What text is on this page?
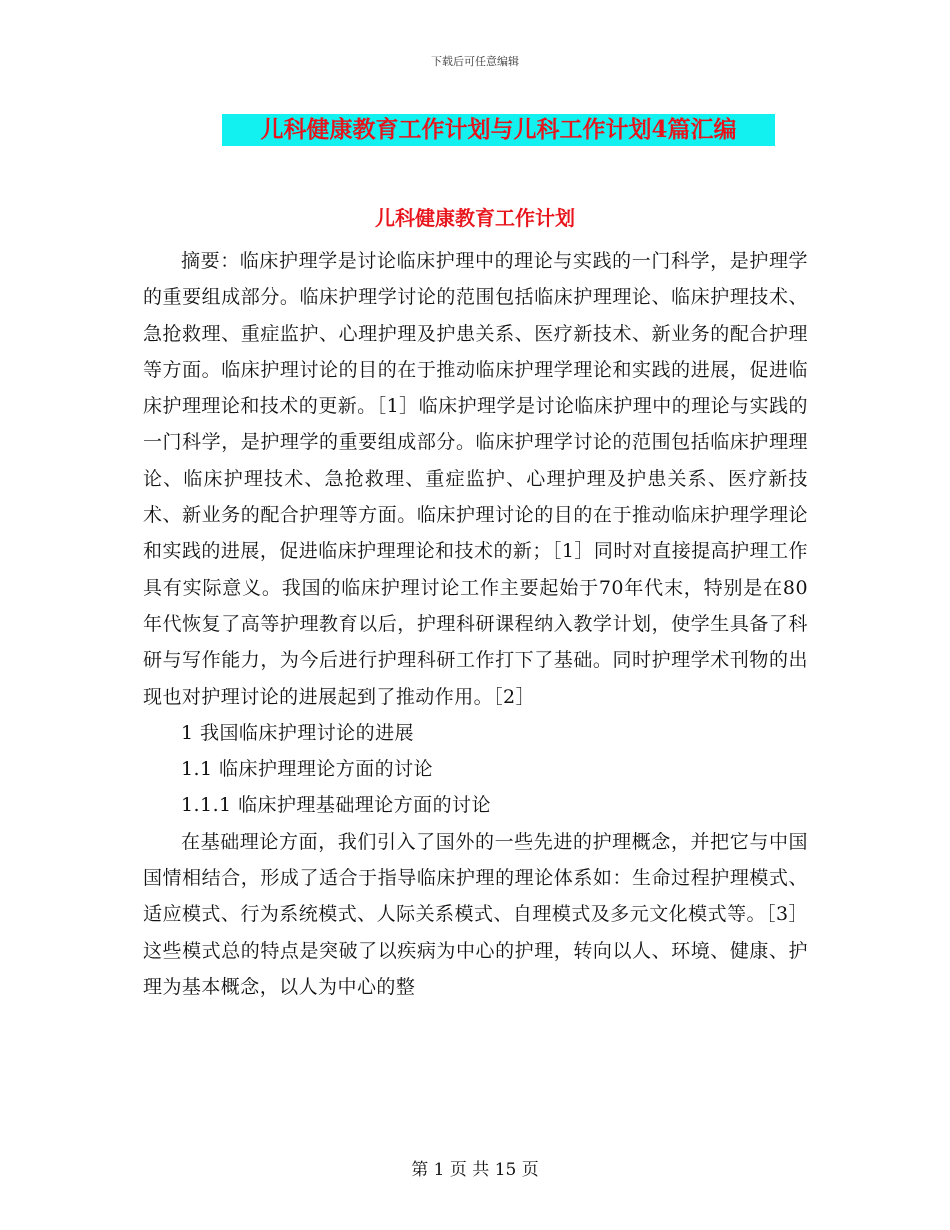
下载后可任意编辑
儿科健康教育工作计划与儿科工作计划4篇汇编
儿科健康教育工作计划

摘要：临床护理学是讨论临床护理中的理论与实践的一门科学，是护理学的重要组成部分。临床护理学讨论的范围包括临床护理理论、临床护理技术、急抢救理、重症监护、心理护理及护患关系、医疗新技术、新业务的配合护理等方面。临床护理讨论的目的在于推动临床护理学理论和实践的进展，促进临床护理理论和技术的更新。［1］临床护理学是讨论临床护理中的理论与实践的一门科学，是护理学的重要组成部分。临床护理学讨论的范围包括临床护理理论、临床护理技术、急抢救理、重症监护、心理护理及护患关系、医疗新技术、新业务的配合护理等方面。临床护理讨论的目的在于推动临床护理学理论和实践的进展，促进临床护理理论和技术的新；［1］同时对直接提高护理工作具有实际意义。我国的临床护理讨论工作主要起始于70年代末，特别是在80年代恢复了高等护理教育以后，护理科研课程纳入教学计划，使学生具备了科研与写作能力，为今后进行护理科研工作打下了基础。同时护理学术刊物的出现也对护理讨论的进展起到了推动作用。［2］

1 我国临床护理讨论的进展

1.1 临床护理理论方面的讨论

1.1.1 临床护理基础理论方面的讨论

在基础理论方面，我们引入了国外的一些先进的护理概念，并把它与中国国情相结合，形成了适合于指导临床护理的理论体系如：生命过程护理模式、适应模式、行为系统模式、人际关系模式、自理模式及多元文化模式等。［3］这些模式总的特点是突破了以疾病为中心的护理，转向以人、环境、健康、护理为基本概念，以人为中心的整

第 1 页 共 15 页
